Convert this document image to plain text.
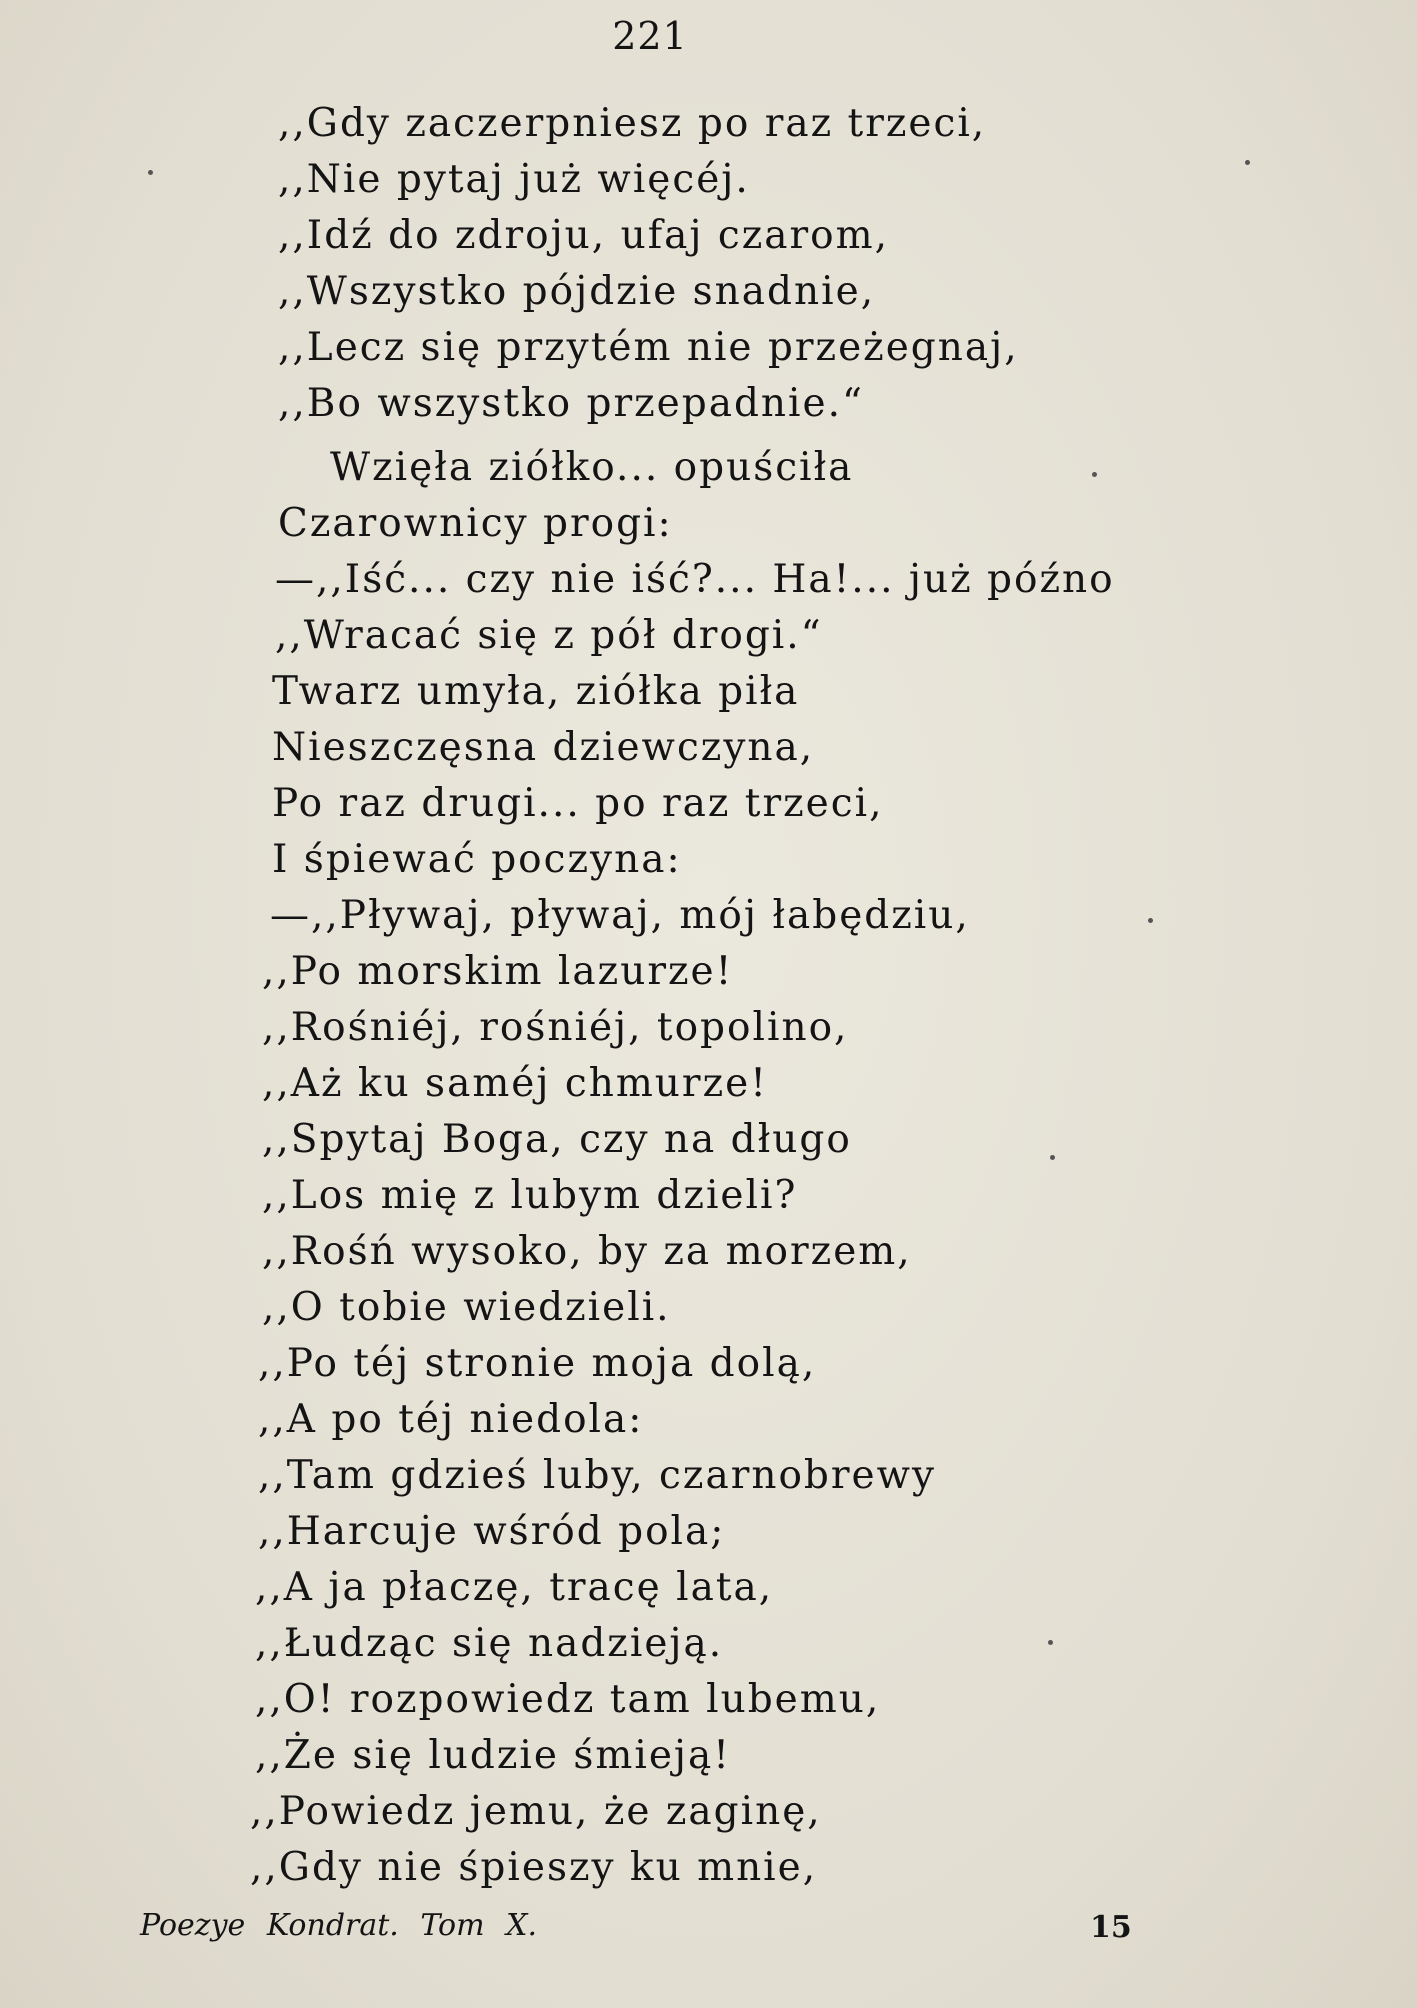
221
,,Gdy zaczerpniesz po raz trzeci,
,,Nie pytaj już więcéj.
,,Idź do zdroju, ufaj czarom,
,,Wszystko pójdzie snadnie,
,,Lecz się przytém nie przeżegnaj,
,,Bo wszystko przepadnie.“
Wzięła ziółko... opuściła
Czarownicy progi:
—,,Iść... czy nie iść?... Ha!... już późno
,,Wracać się z pół drogi.“
Twarz umyła, ziółka piła
Nieszczęsna dziewczyna,
Po raz drugi... po raz trzeci,
I śpiewać poczyna:
—,,Pływaj, pływaj, mój łabędziu,
,,Po morskim lazurze!
,,Rośniéj, rośniéj, topolino,
,,Aż ku saméj chmurze!
,,Spytaj Boga, czy na długo
,,Los mię z lubym dzieli?
,,Rośń wysoko, by za morzem,
,,O tobie wiedzieli.
,,Po téj stronie moja dolą,
,,A po téj niedola:
,,Tam gdzieś luby, czarnobrewy
,,Harcuje wśród pola;
,,A ja płaczę, tracę lata,
,,Łudząc się nadzieją.
,,O! rozpowiedz tam lubemu,
,,Że się ludzie śmieją!
,,Powiedz jemu, że zaginę,
,,Gdy nie śpieszy ku mnie,
Poezye Kondrat. Tom X.	15
